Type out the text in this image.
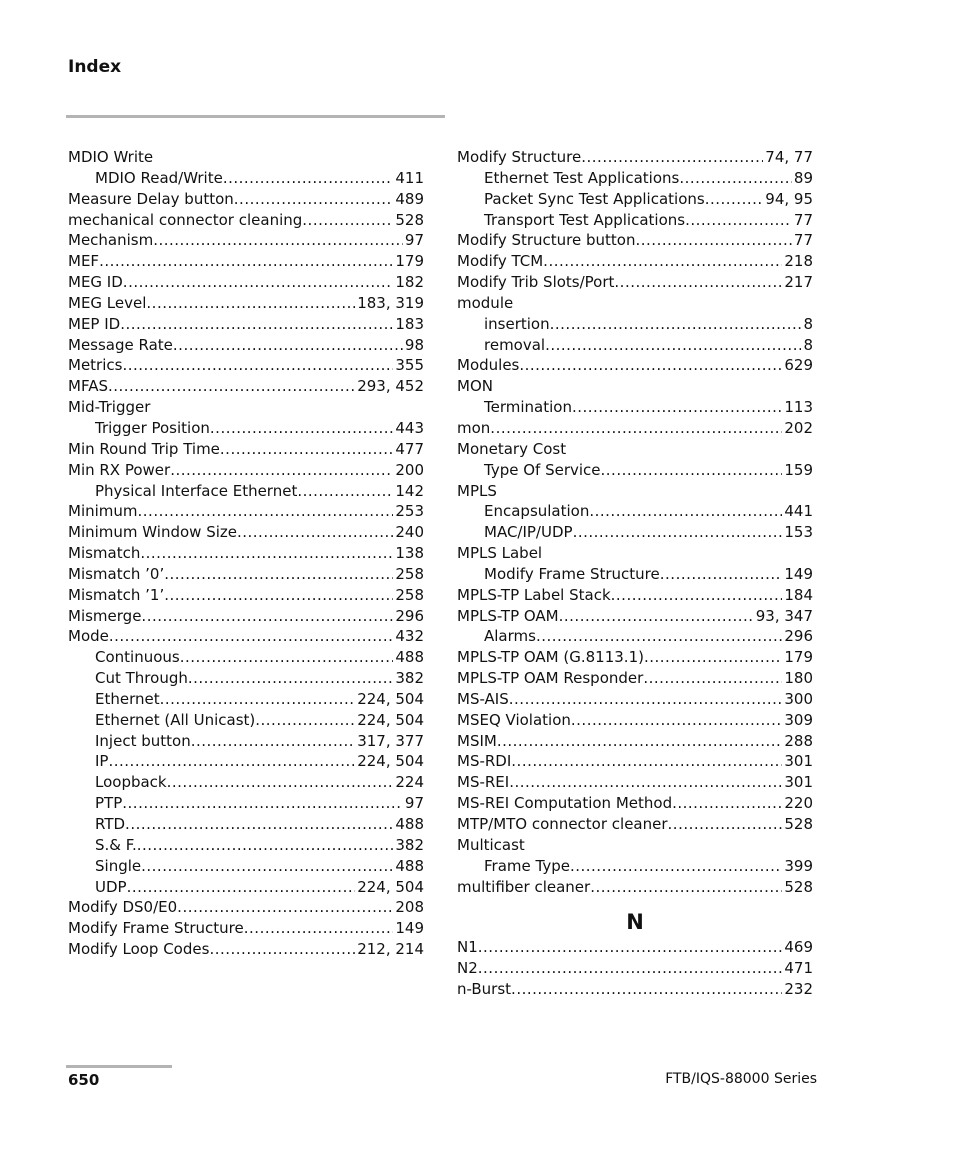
Index
MDIO Write
MDIO Read/Write .....	411
Measure Delay button .....	489
mechanical connector cleaning .....	528
Mechanism .....	97
MEF .....	179
MEG ID .....	182
MEG Level .....	183, 319
MEP ID .....	183
Message Rate .....	98
Metrics .....	355
MFAS .....	293, 452
Mid-Trigger
Trigger Position .....	443
Min Round Trip Time .....	477
Min RX Power .....	200
Physical Interface Ethernet .....	142
Minimum .....	253
Minimum Window Size .....	240
Mismatch .....	138
Mismatch ’0’ .....	258
Mismatch ’1’ .....	258
Mismerge .....	296
Mode .....	432
Continuous .....	488
Cut Through .....	382
Ethernet .....	224, 504
Ethernet (All Unicast) .....	224, 504
Inject button .....	317, 377
IP .....	224, 504
Loopback .....	224
PTP .....	97
RTD .....	488
S.& F. .....	382
Single .....	488
UDP .....	224, 504
Modify DS0/E0 .....	208
Modify Frame Structure .....	149
Modify Loop Codes .....	212, 214
Modify Structure .....	74, 77
Ethernet Test Applications .....	89
Packet Sync Test Applications .....	94, 95
Transport Test Applications .....	77
Modify Structure button .....	77
Modify TCM .....	218
Modify Trib Slots/Port .....	217
module
insertion .....	8
removal .....	8
Modules .....	629
MON
Termination .....	113
mon .....	202
Monetary Cost
Type Of Service .....	159
MPLS
Encapsulation .....	441
MAC/IP/UDP .....	153
MPLS Label
Modify Frame Structure .....	149
MPLS-TP Label Stack .....	184
MPLS-TP OAM .....	93, 347
Alarms .....	296
MPLS-TP OAM (G.8113.1) .....	179
MPLS-TP OAM Responder .....	180
MS-AIS .....	300
MSEQ Violation .....	309
MSIM .....	288
MS-RDI .....	301
MS-REI .....	301
MS-REI Computation Method .....	220
MTP/MTO connector cleaner .....	528
Multicast
Frame Type .....	399
multifiber cleaner .....	528
N
N1 .....	469
N2 .....	471
n-Burst .....	232
650	FTB/IQS-88000 Series
